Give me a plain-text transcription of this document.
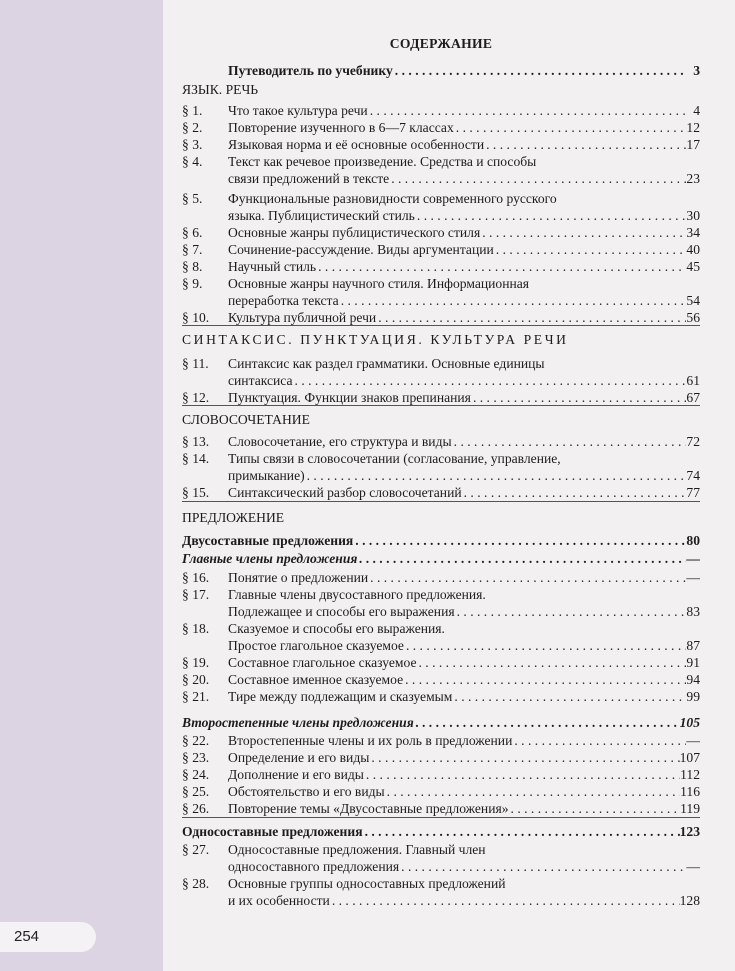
254
СОДЕРЖАНИЕ
Путеводитель по учебнику . . .	3
ЯЗЫК. РЕЧЬ
§ 1.	Что такое культура речи . . .	4
§ 2.	Повторение изученного в 6—7 классах . . .	12
§ 3.	Языковая норма и её основные особенности . . .	17
§ 4.	Текст как речевое произведение. Средства и способы
связи предложений в тексте . . .	23
§ 5.	Функциональные разновидности современного русского
языка. Публицистический стиль . . .	30
§ 6.	Основные жанры публицистического стиля . . .	34
§ 7.	Сочинение-рассуждение. Виды аргументации . . .	40
§ 8.	Научный стиль . . .	45
§ 9.	Основные жанры научного стиля. Информационная
переработка текста . . .	54
§ 10.	Культура публичной речи . . .	56
СИНТАКСИС. ПУНКТУАЦИЯ. КУЛЬТУРА РЕЧИ
§ 11.	Синтаксис как раздел грамматики. Основные единицы
синтаксиса . . .	61
§ 12.	Пунктуация. Функции знаков препинания . . .	67
СЛОВОСОЧЕТАНИЕ
§ 13.	Словосочетание, его структура и виды . . .	72
§ 14.	Типы связи в словосочетании (согласование, управление,
примыкание) . . .	74
§ 15.	Синтаксический разбор словосочетаний . . .	77
ПРЕДЛОЖЕНИЕ
Двусоставные предложения . . .	80
Главные члены предложения . . .	—
§ 16.	Понятие о предложении . . .	—
§ 17.	Главные члены двусоставного предложения.
Подлежащее и способы его выражения . . .	83
§ 18.	Сказуемое и способы его выражения.
Простое глагольное сказуемое . . .	87
§ 19.	Составное глагольное сказуемое . . .	91
§ 20.	Составное именное сказуемое . . .	94
§ 21.	Тире между подлежащим и сказуемым . . .	99
Второстепенные члены предложения . . .	105
§ 22.	Второстепенные члены и их роль в предложении . . .	—
§ 23.	Определение и его виды . . .	107
§ 24.	Дополнение и его виды . . .	112
§ 25.	Обстоятельство и его виды . . .	116
§ 26.	Повторение темы «Двусоставные предложения» . . .	119
Односоставные предложения . . .	123
§ 27.	Односоставные предложения. Главный член
односоставного предложения . . .	—
§ 28.	Основные группы односоставных предложений
и их особенности . . .	128
